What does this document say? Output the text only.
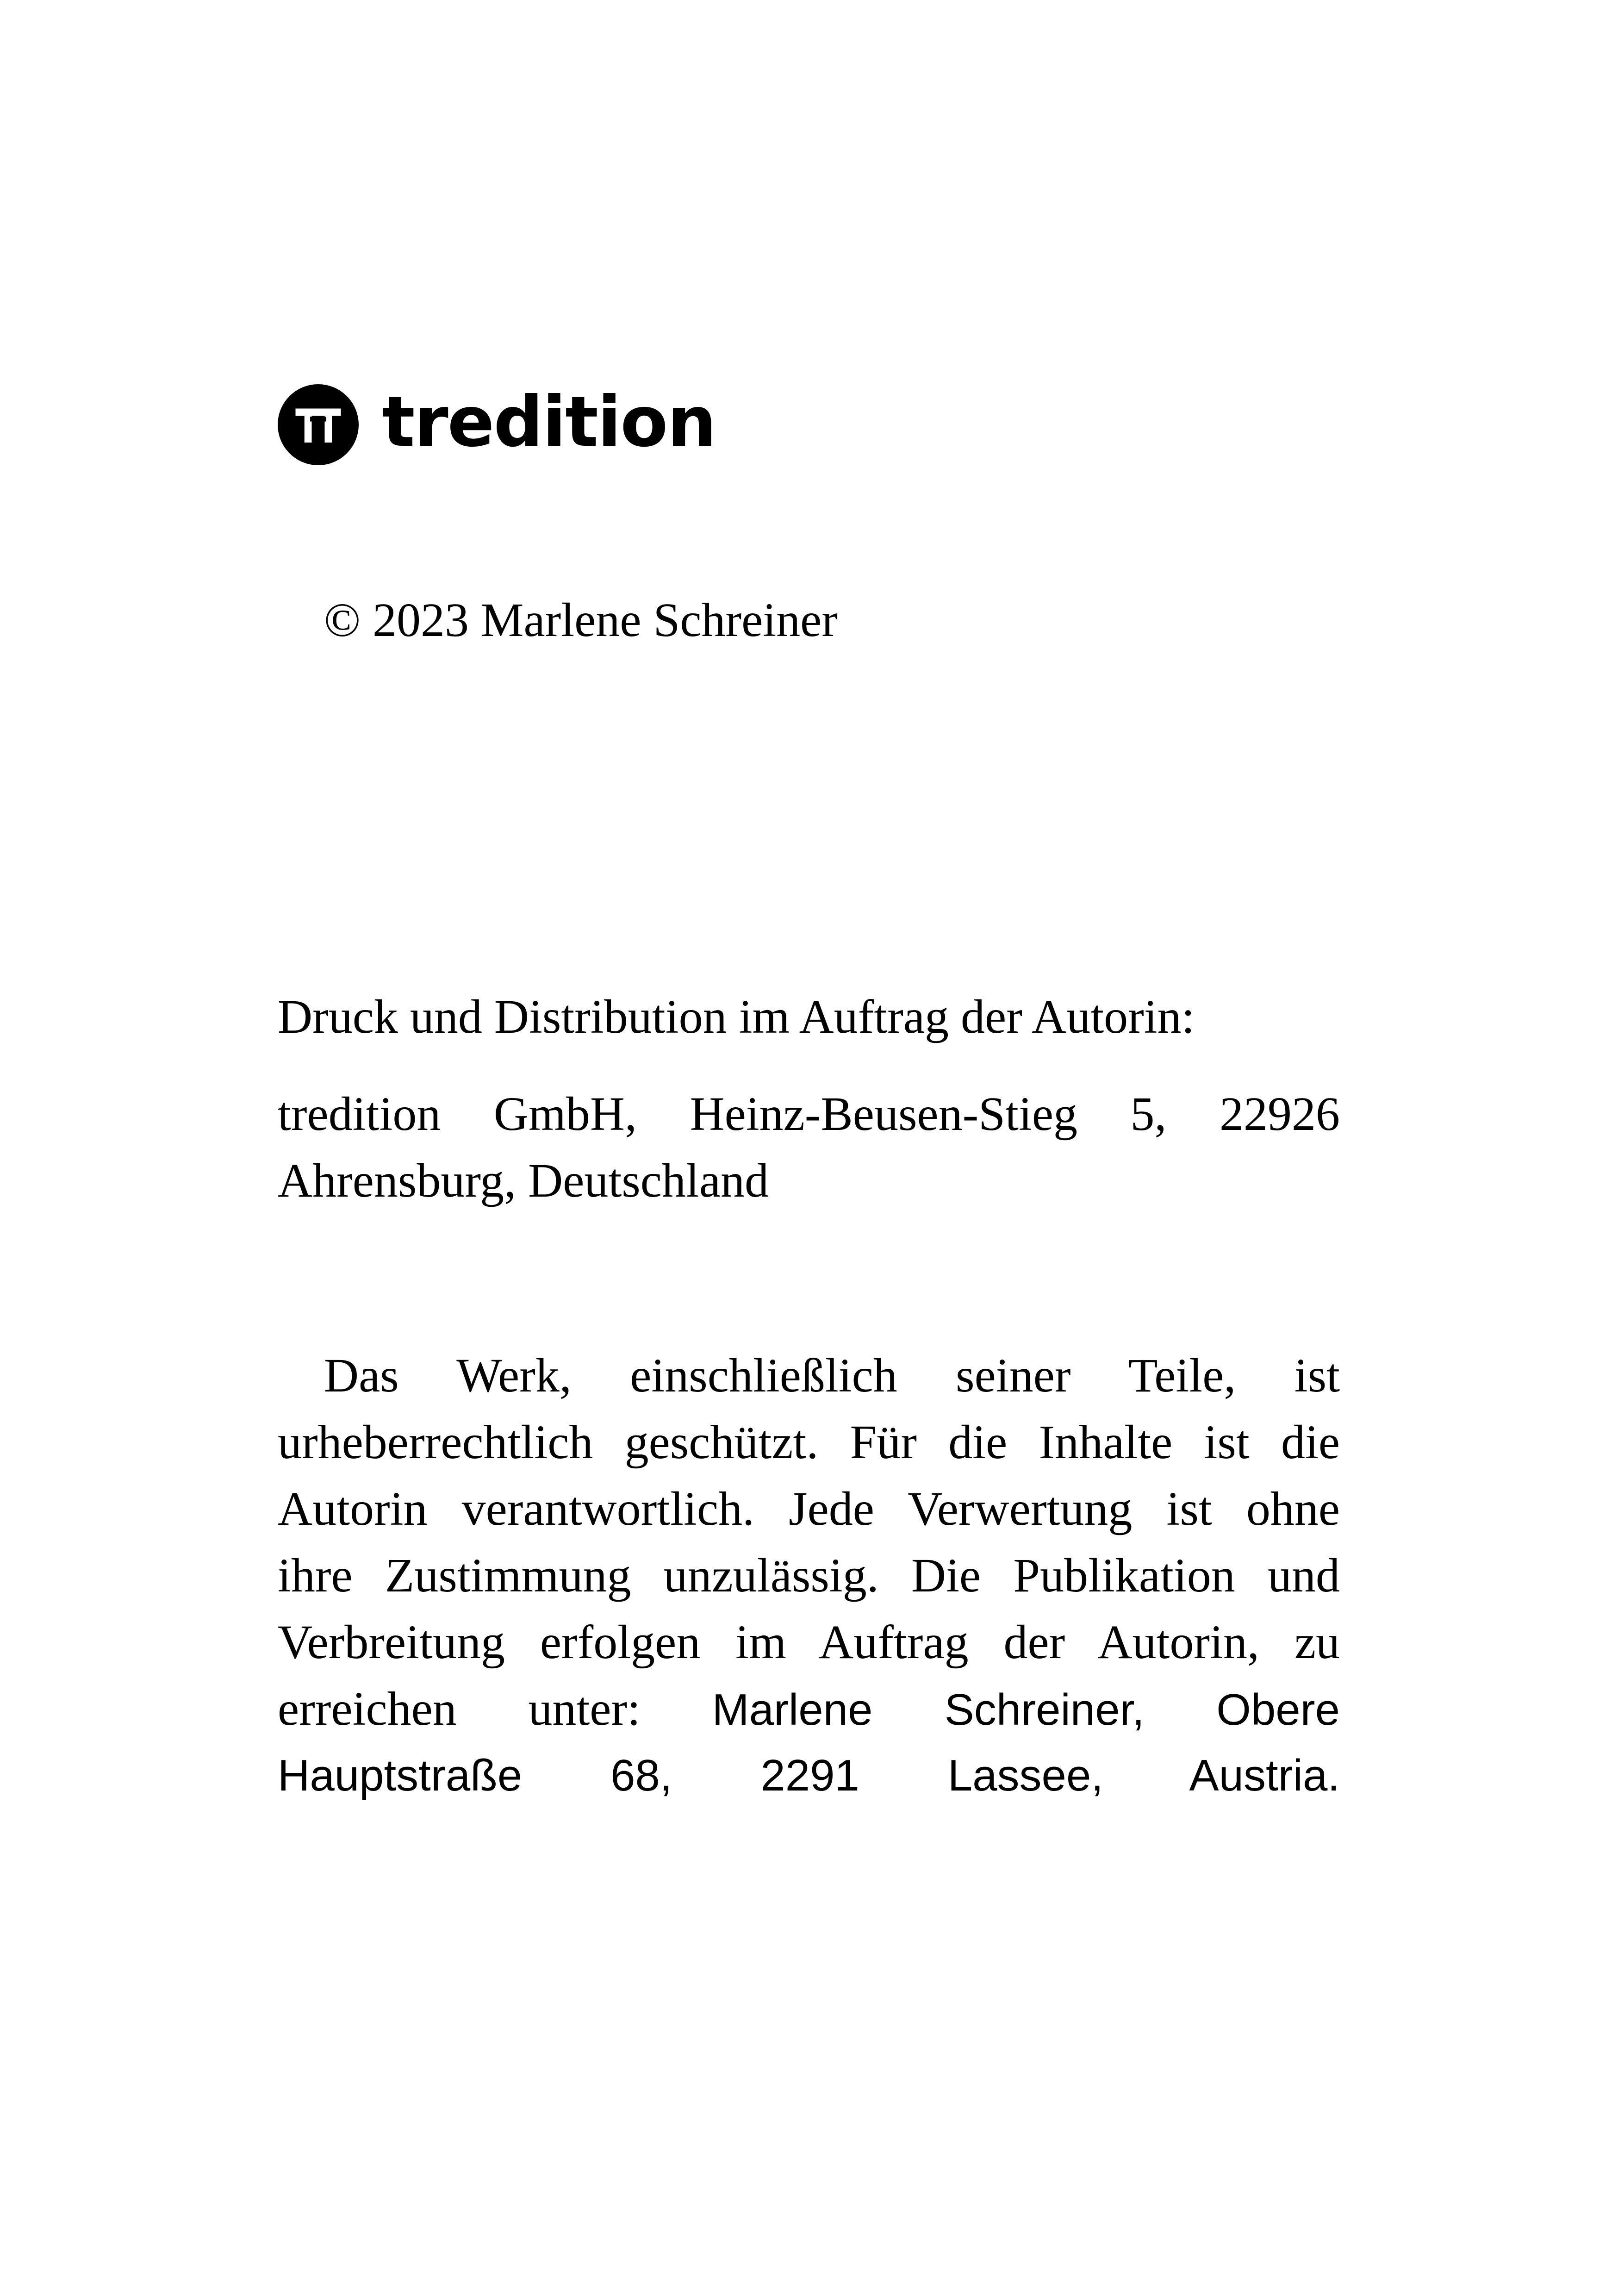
tredition
© 2023 Marlene Schreiner
Druck und Distribution im Auftrag der Autorin:
tredition GmbH, Heinz-Beusen-Stieg 5, 22926 Ahrensburg, Deutschland
Das Werk, einschließlich seiner Teile, ist
urheberrechtlich geschützt. Für die Inhalte ist die
Autorin verantwortlich. Jede Verwertung ist ohne
ihre Zustimmung unzulässig. Die Publikation und
Verbreitung erfolgen im Auftrag der Autorin, zu
erreichen unter: Marlene Schreiner, Obere
Hauptstraße 68, 2291 Lassee, Austria.
